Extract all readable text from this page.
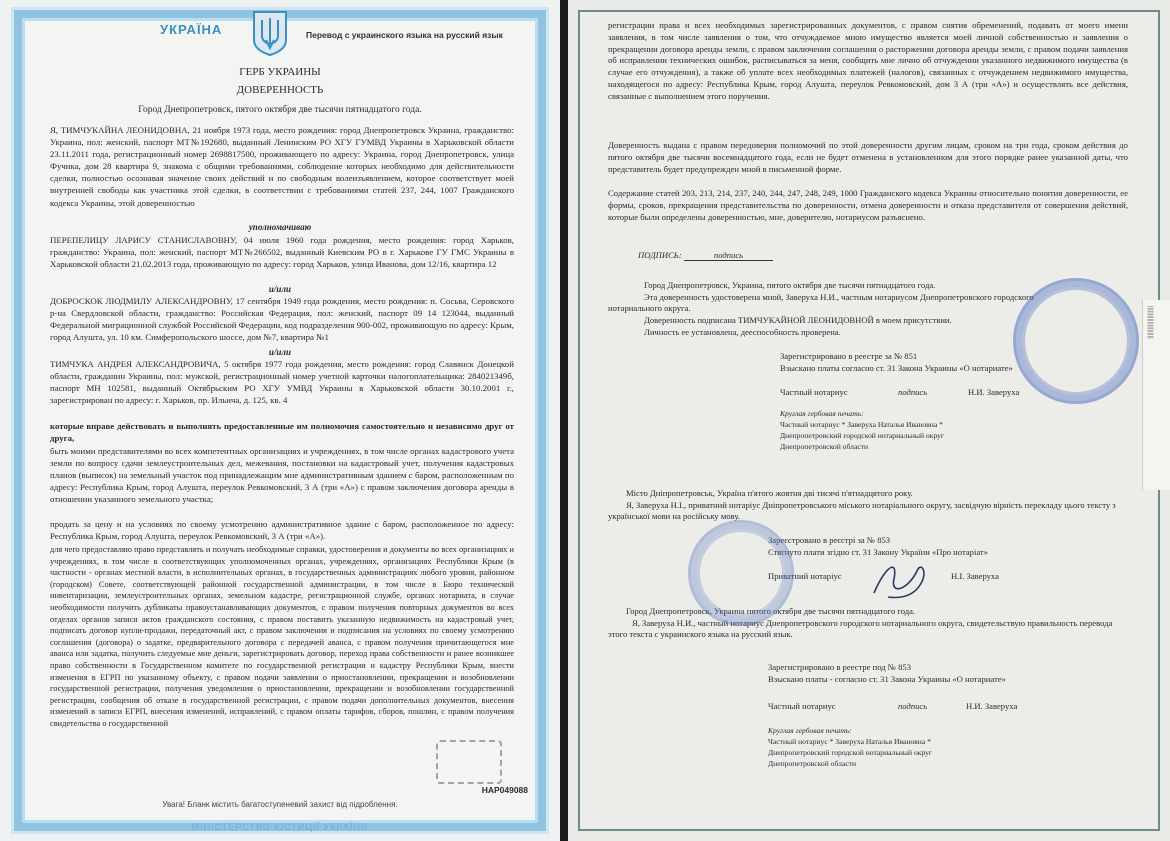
УКРАЇНА	Перевод с украинского языка на русский язык
ГЕРБ УКРАИНЫ
ДОВЕРЕННОСТЬ
Город Днепропетровск, пятого октября две тысячи пятнадцатого года.

Я, ТИМЧУКАЙНА ЛЕОНИДОВНА, 21 ноября 1973 года, место рождения: город Днепропетровск Украина, гражданство: Украина, пол: женский, паспорт МТ№192680, выданный Ленинским РО ХГУ ГУМВД Украины в Харьковской области 23.11.2011 года, регистрационный номер 2698817500, проживающего по адресу: Украина, город Днепропетровск, улица Фучика, дом 28 квартира 9, знакома с общими требованиями, соблюдение которых необходимо для действительности сделки, полностью осознавая значение своих действий и по свободным волеизъявлением, которое соответствует моей внутренней свободы как участника этой сделки, в соответствии с требованиями статей 237, 244, 1007 Гражданского кодекса Украины, этой доверенностью

уполномачиваю

ПЕРЕПЕЛИЦУ ЛАРИСУ СТАНИСЛАВОВНУ, 04 июля 1960 года рождения, место рождения: город Харьков, гражданство: Украина, пол: женский, паспорт МТ№266502, выданный Киевским РО в г. Харькове ГУ ГМС Украины в Харьковской области 21.02.2013 года, проживающую по адресу: город Харьков, улица Иванова, дом 12/16, квартира 12

и/или

ДОБРОСКОК ЛЮДМИЛУ АЛЕКСАНДРОВНУ, 17 сентября 1949 года рождения, место рождения: п. Сосьва, Серовского р-на Свердловской области, гражданство: Российская Федерация, пол: женский, паспорт 09 14 123044, выданный Федеральной миграционной службой Российской Федерации, код подразделения 900-002, проживающую по адресу: Крым, город Алушта, ул. 10 км. Симферопольского шоссе, дом №7, квартира №1

и/или

ТИМЧУКА АНДРЕЯ АЛЕКСАНДРОВИЧА, 5 октября 1977 года рождения, место рождения: город Славянск Донецкой области, гражданин Украины, пол: мужской, регистрационный номер учетной карточки налогоплательщика: 284021349б, паспорт МН 102581, выданный Октябрьским РО ХГУ УМВД Украины в Харьковской области 30.10.2001 г., зарегистрирован по адресу: г. Харьков, пр. Ильича, д. 125, кв. 4

которые вправе действовать и выполнять предоставленные им полномочия самостоятельно и независимо друг от друга,

быть моими представителями во всех компетентных организациях и учреждениях, в том числе органах кадастрового учета земли по вопросу сдачи землеустроительных дел, межевания, постановки на кадастровый учет, получения кадастровых планов (выписок) на земельный участок под принадлежащим мне административным зданием с баром, расположенным по адресу: Республика Крым, город Алушта, переулок Ревкомовский, 3 А (три «А») с правом заключения договора аренды в отношении указанного земельного участка;

продать за цену и на условиях по своему усмотрению административное здание с баром, расположенное по адресу: Республика Крым, город Алушта, переулок Ревкомовский, 3 А (три «А»).

для чего предоставляю право представлять и получать необходимые справки, удостоверения и документы во всех организациях и учреждениях, в том числе в соответствующих уполномоченных органах, учреждениях, организациях Республики Крым (в частности - органах местной власти, в исполнительных органах, в государственных администрациях любого уровня, районном (городском) Совете, соответствующей районной государственной администрации, в том числе в Бюро технической инвентаризации, землеустроительных органах, земельном кадастре, регистрационной службе, органах нотариата, в случае необходимости получить дубликаты правоустанавливающих документов, с правом получения повторных документов во всех отделах органов записи актов гражданского состояния, с правом поставить указанную недвижимость на кадастровый учет, подписать договор купли-продажи, передаточный акт, с правом заключения и подписания на условиях по своему усмотрению соглашения (договора) о задатке, предварительного договора с передачей аванса, с правом получения причитающегося мне аванса или задатка, получить следуемые мне деньги, зарегистрировать договор, переход права собственности и ранее возникшее право собственности в Государственном комитете по государственной регистрации и кадастру Республики Крым, внести изменения в ЕГРП по указанному объекту, с правом подачи заявления о приостановлении, прекращении и возобновлении государственной регистрации, получения уведомления о приостановлении, прекращении и возобновлении государственной регистрации, сообщения об отказе в государственной регистрации, с правом подачи дополнительных документов, внесения изменений в записи ЕГРП, внесения изменений, исправлений, с правом оплаты тарифов, сборов, пошлин, с правом получения свидетельства о государственной

НАР049088
Увага! Бланк містить багатоступеневий захист від підроблення.
МІНІСТЕРСТВО ЮСТИЦІЇ УКРАЇНИ

регистрации права и всех необходимых зарегистрированных документов, с правом снятия обременений, подавать от моего имени заявления, в том числе заявления о том, что отчуждаемое мною имущество является моей личной собственностью и заявления о прекращении договора аренды земли, с правом заключения соглашения о расторжении договора аренды земли, с правом подачи заявления об исправлении технических ошибок, расписываться за меня, сообщить мне лично об отчуждении указанного недвижимого имущества (в случае его отчуждения), а также об уплате всех необходимых платежей (налогов), связанных с отчуждением недвижимого имущества, находящегося по адресу: Республика Крым, город Алушта, переулок Ревкомовский, дом 3 А (три «А») и осуществлять все действия, связанные с выполнением этого поручения.

Доверенность выдана с правом передоверия полномочий по этой доверенности другим лицам, сроком на три года, сроком действия до пятого октября две тысячи восемнадцатого года, если не будет отменена в установленном для этого порядке ранее указанной даты, что представитель будет предупрежден мной в письменной форме.

Содержание статей 203, 213, 214, 237, 240, 244, 247, 248, 249, 1000 Гражданского кодекса Украины относительно понятия доверенности, ее формы, сроков, прекращения представительства по доверенности, отмена доверенности и отказа представителя от совершения действий, которые были определены доверенностью, мне, доверителю, нотариусом разъяснено.

ПОДПИСЬ:	подпись

Город Днепропетровск, Украина, пятого октября две тысячи пятнадцатого года.

Эта доверенность удостоверена мной, Заверуха Н.И., частным нотариусом Днепропетровского городского нотариального округа.

Доверенность подписана ТИМЧУКАЙНОЙ ЛЕОНИДОВНОЙ в моем присутствии.

Личность ее установлена, дееспособность проверена.

Зарегистрировано в реестре за № 851

Взыскано платы согласно ст. 31 Закона Украины «О нотариате»

Частный нотариус	подпись	Н.И. Заверуха

Круглая гербовая печать:

Частный нотариус * Заверуха Наталья Ивановна *

Днепропетровский городской нотариальный округ

Днепропетровской области

Місто Дніпропетровськ, Україна п'ятого жовтня дві тисячі п'ятнадцятого року.

Я, Заверуха Н.І., приватний нотаріус Дніпропетровського міського нотаріального округу, засвідчую вірність перекладу цього тексту з української мови на російську мову.

Зареєстровано в реєстрі за № 853

Стягнуто плати згідно ст. 31 Закону України «Про нотаріат»

Приватний нотаріус	Н.І. Заверуха

Город Днепропетровск, Украина пятого октября две тысячи пятнадцатого года.

Я, Заверуха Н.И., частный нотариус Днепропетровского городского нотариального округа, свидетельствую правильность перевода этого текста с украинского языка на русский язык.

Зарегистрировано в реестре под № 853

Взыскано платы - согласно ст. 31 Закона Украины «О нотариате»

Частный нотариус	подпись	Н.И. Заверуха

Круглая гербовая печать:

Частный нотариус * Заверуха Наталья Ивановна *

Днепропетровский городской нотариальный округ

Днепропетровской области

|||||||||||||||||||||
